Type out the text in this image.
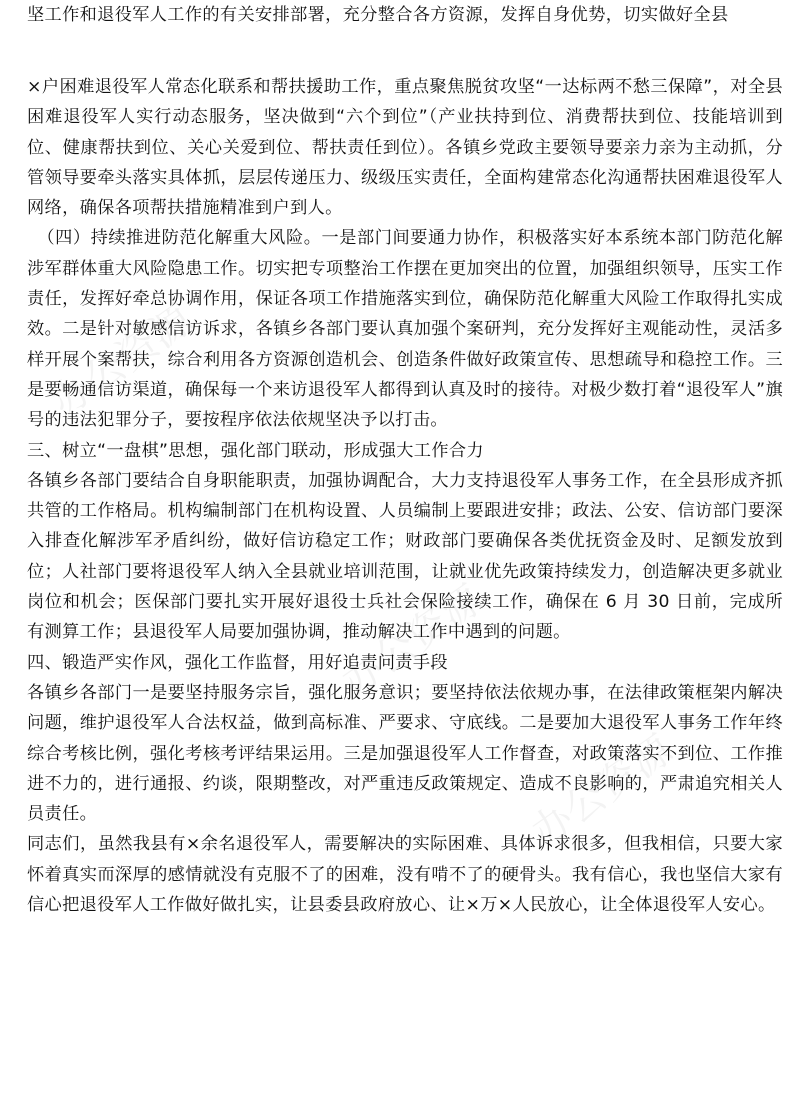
坚工作和退役军人工作的有关安排部署，充分整合各方资源，发挥自身优势，切实做好全县

×户困难退役军人常态化联系和帮扶援助工作，重点聚焦脱贫攻坚“一达标两不愁三保障”，对全县困难退役军人实行动态服务，坚决做到“六个到位”（产业扶持到位、消费帮扶到位、技能培训到位、健康帮扶到位、关心关爱到位、帮扶责任到位）。各镇乡党政主要领导要亲力亲为主动抓，分管领导要牵头落实具体抓，层层传递压力、级级压实责任，全面构建常态化沟通帮扶困难退役军人网络，确保各项帮扶措施精准到户到人。

（四）持续推进防范化解重大风险。一是部门间要通力协作，积极落实好本系统本部门防范化解涉军群体重大风险隐患工作。切实把专项整治工作摆在更加突出的位置，加强组织领导，压实工作责任，发挥好牵总协调作用，保证各项工作措施落实到位，确保防范化解重大风险工作取得扎实成效。二是针对敏感信访诉求，各镇乡各部门要认真加强个案研判，充分发挥好主观能动性，灵活多样开展个案帮扶，综合利用各方资源创造机会、创造条件做好政策宣传、思想疏导和稳控工作。三是要畅通信访渠道，确保每一个来访退役军人都得到认真及时的接待。对极少数打着“退役军人”旗号的违法犯罪分子，要按程序依法依规坚决予以打击。

三、树立“一盘棋”思想，强化部门联动，形成强大工作合力

各镇乡各部门要结合自身职能职责，加强协调配合，大力支持退役军人事务工作，在全县形成齐抓共管的工作格局。机构编制部门在机构设置、人员编制上要跟进安排；政法、公安、信访部门要深入排查化解涉军矛盾纠纷，做好信访稳定工作；财政部门要确保各类优抚资金及时、足额发放到位；人社部门要将退役军人纳入全县就业培训范围，让就业优先政策持续发力，创造解决更多就业岗位和机会；医保部门要扎实开展好退役士兵社会保险接续工作，确保在 6 月 30 日前，完成所有测算工作；县退役军人局要加强协调，推动解决工作中遇到的问题。

四、锻造严实作风，强化工作监督，用好追责问责手段

各镇乡各部门一是要坚持服务宗旨，强化服务意识；要坚持依法依规办事，在法律政策框架内解决问题，维护退役军人合法权益，做到高标准、严要求、守底线。二是要加大退役军人事务工作年终综合考核比例，强化考核考评结果运用。三是加强退役军人工作督查，对政策落实不到位、工作推进不力的，进行通报、约谈，限期整改，对严重违反政策规定、造成不良影响的，严肃追究相关人员责任。

同志们，虽然我县有×余名退役军人，需要解决的实际困难、具体诉求很多，但我相信，只要大家怀着真实而深厚的感情就没有克服不了的困难，没有啃不了的硬骨头。我有信心，我也坚信大家有信心把退役军人工作做好做扎实，让县委县政府放心、让×万×人民放心，让全体退役军人安心。
